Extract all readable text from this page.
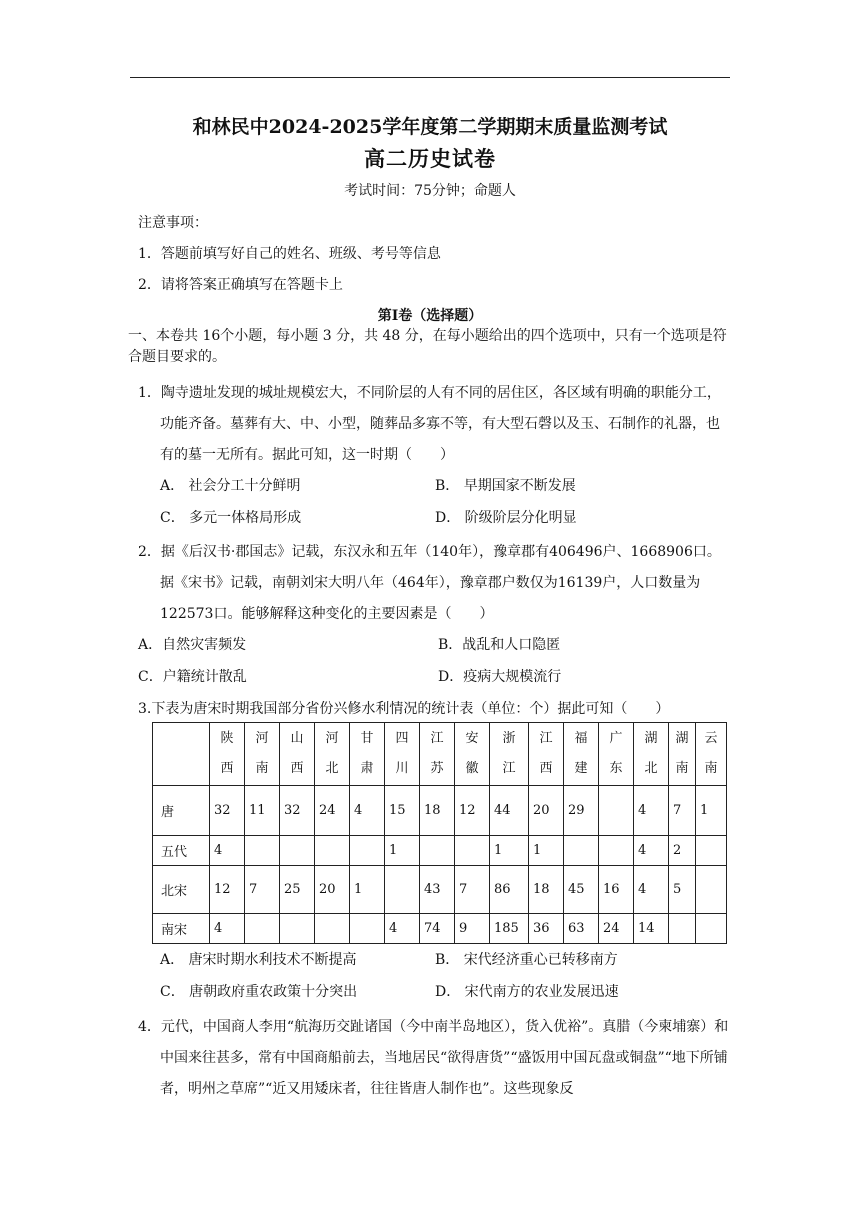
和林民中2024-2025学年度第二学期期末质量监测考试
高二历史试卷
考试时间：75分钟；命题人
注意事项：
1．答题前填写好自己的姓名、班级、考号等信息
2．请将答案正确填写在答题卡上
第I卷（选择题）
一、本卷共 16个小题，每小题 3 分，共 48 分，在每小题给出的四个选项中，只有一个选项是符合题目要求的。
1．陶寺遗址发现的城址规模宏大，不同阶层的人有不同的居住区，各区域有明确的职能分工，功能齐备。墓葬有大、中、小型，随葬品多寡不等，有大型石磬以及玉、石制作的礼器，也有的墓一无所有。据此可知，这一时期（　　）
A． 社会分工十分鲜明	B． 早期国家不断发展
C． 多元一体格局形成	D． 阶级阶层分化明显
2．据《后汉书·郡国志》记载，东汉永和五年（140年），豫章郡有406496户、1668906口。据《宋书》记载，南朝刘宋大明八年（464年），豫章郡户数仅为16139户，人口数量为122573口。能够解释这种变化的主要因素是（　　）
A．自然灾害频发	B．战乱和人口隐匿
C．户籍统计散乱	D．疫病大规模流行
3.下表为唐宋时期我国部分省份兴修水利情况的统计表（单位：个）据此可知（　　）
	陕西	河南	山西	河北	甘肃	四川	江苏	安徽	浙江	江西	福建	广东	湖北	湖南	云南
唐	32	11	32	24	4	15	18	12	44	20	29		4	7	1
五代	4					1			1	1			4	2	
北宋	12	7	25	20	1		43	7	86	18	45	16	4	5	
南宋	4					4	74	9	185	36	63	24	14		
A． 唐宋时期水利技术不断提高	B． 宋代经济重心已转移南方
C． 唐朝政府重农政策十分突出	D． 宋代南方的农业发展迅速
4．元代，中国商人李用“航海历交趾诸国（今中南半岛地区），货入优裕”。真腊（今柬埔寨）和中国来往甚多，常有中国商船前去，当地居民“欲得唐货”“盛饭用中国瓦盘或铜盘”“地下所铺者，明州之草席”“近又用矮床者，往往皆唐人制作也”。这些现象反
